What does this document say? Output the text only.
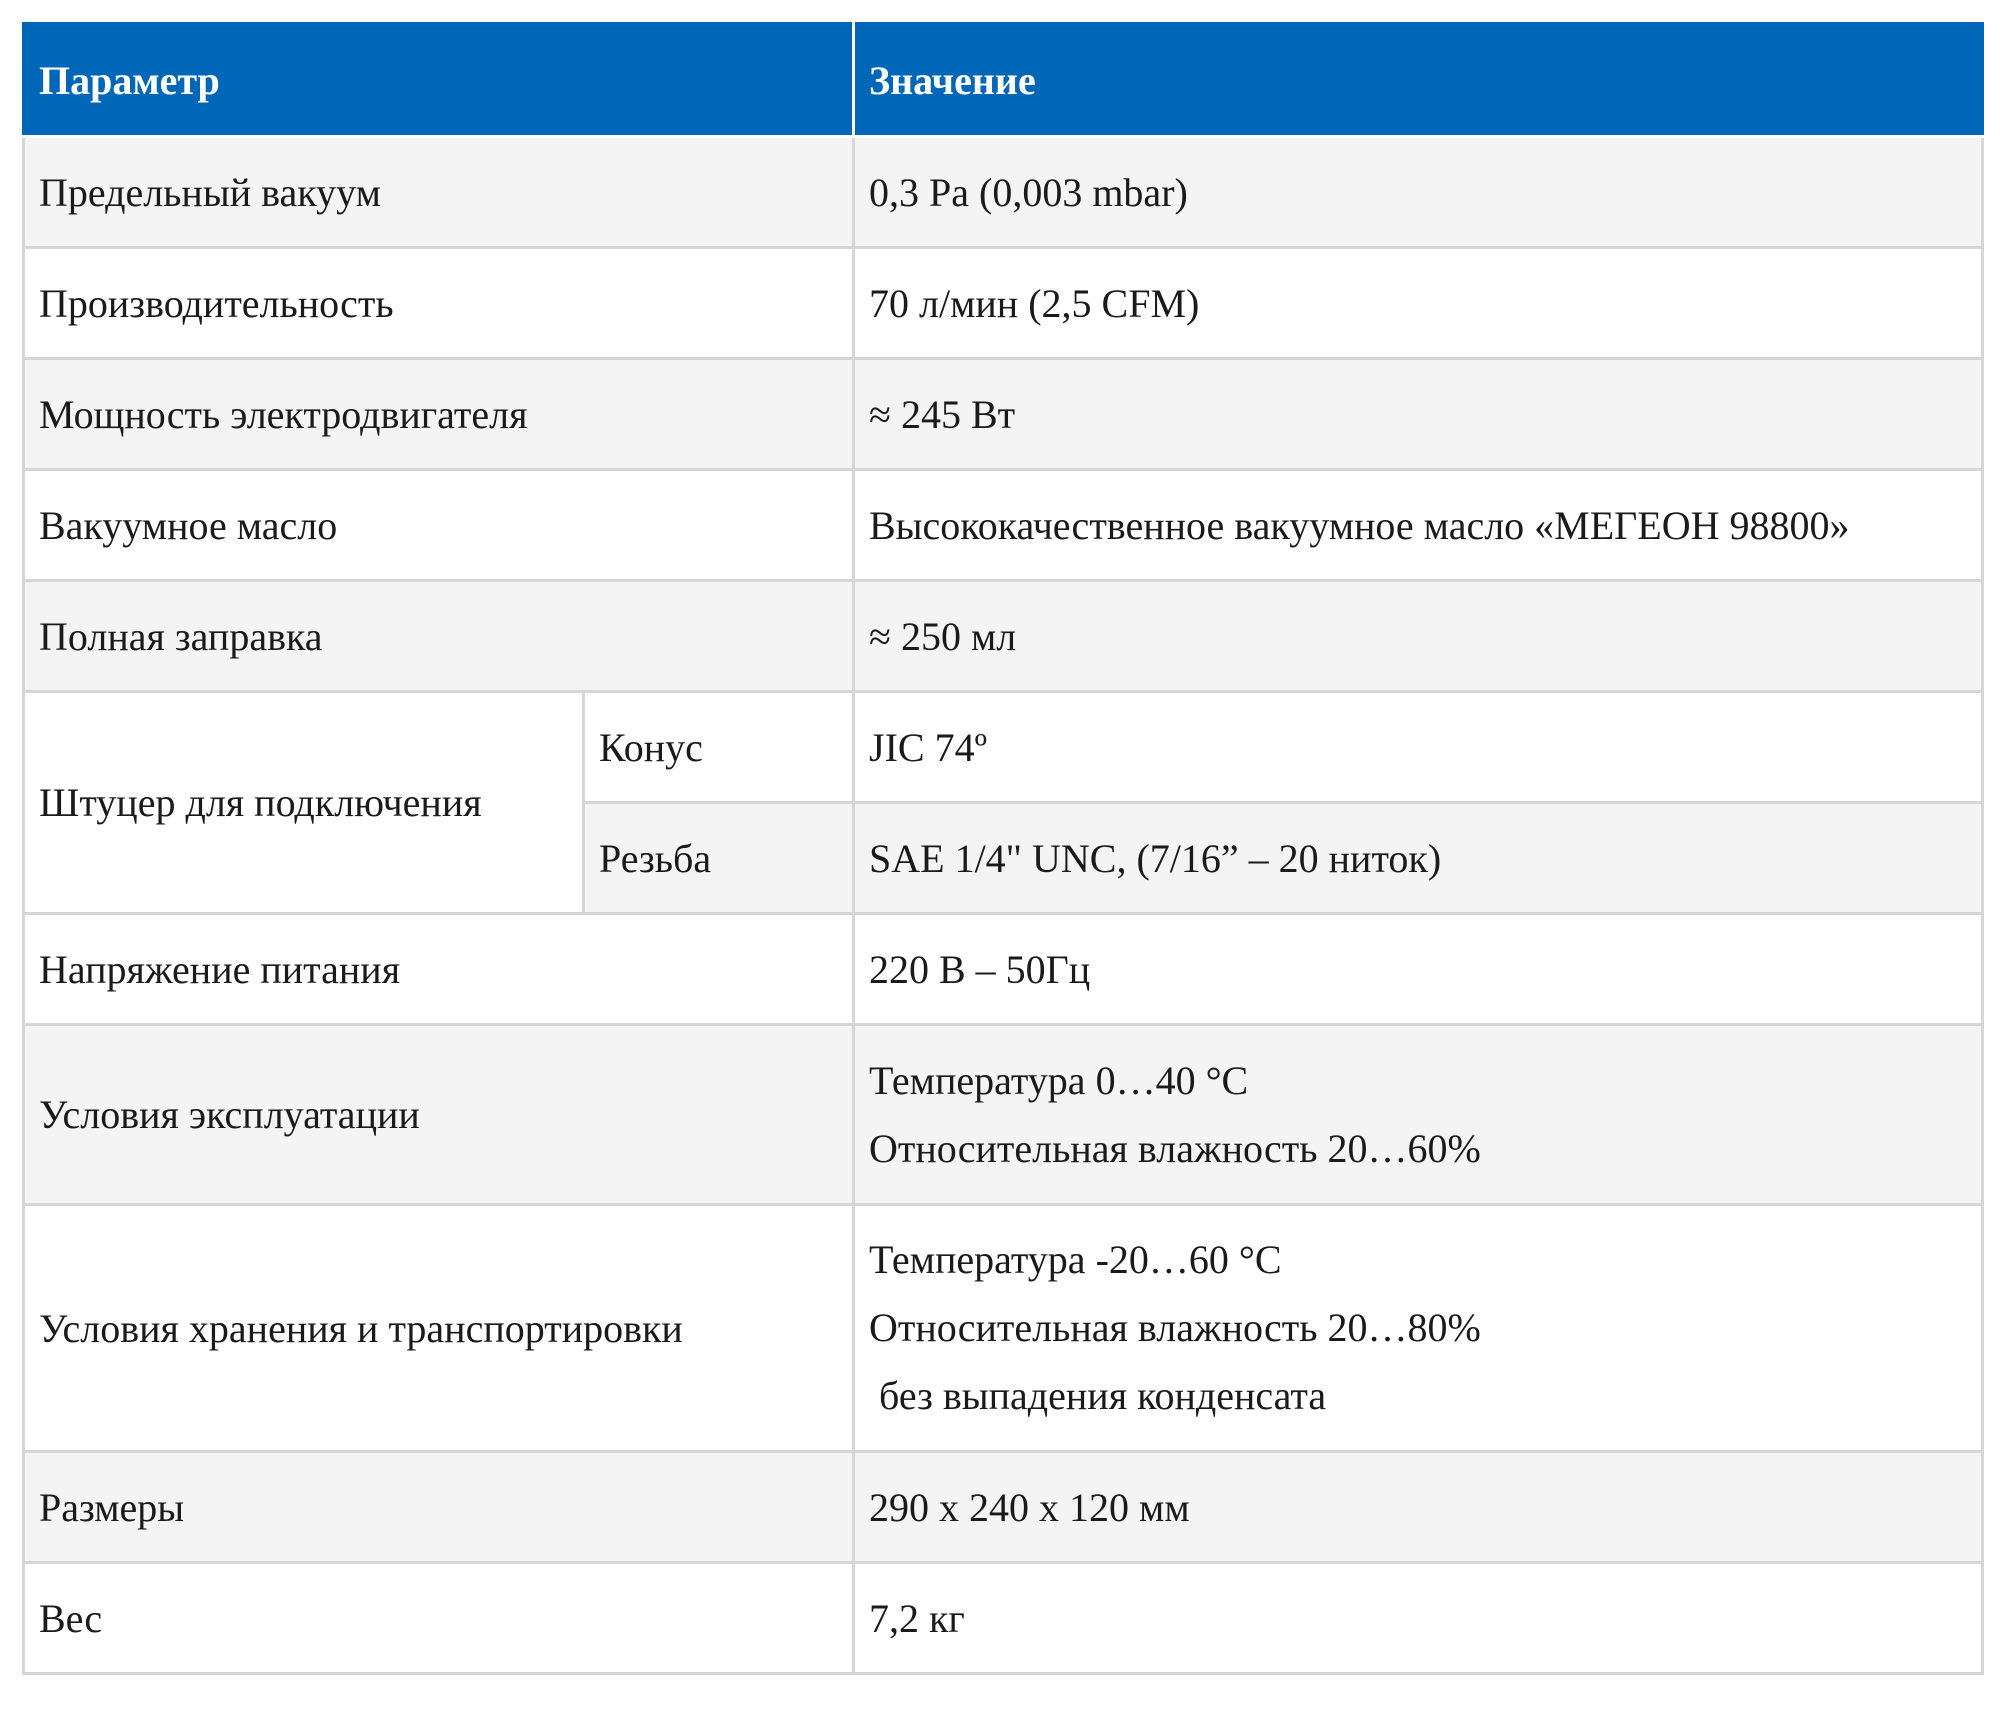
Параметр		Значение
Предельный вакуум		0,3 Pa (0,003 mbar)
Производительность		70 л/мин (2,5 CFM)
Мощность электродвигателя		≈ 245 Вт
Вакуумное масло		Высококачественное вакуумное масло «МЕГЕОН 98800»
Полная заправка		≈ 250 мл
Штуцер для подключения	Конус	JIC 74º
	Резьба	SAE 1/4" UNC, (7/16” – 20 ниток)
Напряжение питания		220 В – 50Гц
Условия эксплуатации		Температура 0…40 °С
Относительная влажность 20…60%

Условия хранения и транспортировки		Температура -20…60 °С
Относительная влажность 20…80%
без выпадения конденсата

Размеры		290 х 240 х 120 мм
Вес		7,2 кг
